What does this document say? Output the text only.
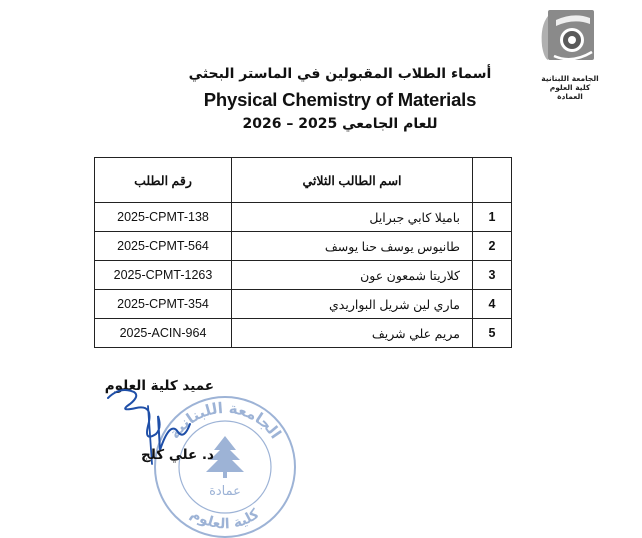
الجامعة اللبنانية
كلية العلوم
العمادة
أسماء الطلاب المقبولين في الماستر البحثي
Physical Chemistry of Materials
للعام الجامعي 2025 – 2026
رقم الطلب	اسم الطالب الثلاثي	
2025-CPMT-138	باميلا كابي جبرايل	1
2025-CPMT-564	طانيوس يوسف حنا يوسف	2
2025-CPMT-1263	كلاريتا شمعون عون	3
2025-CPMT-354	ماري لين شريل البواريدي	4
2025-ACIN-964	مريم علي شريف	5
الجامعة اللبنانية
عمادة
كلية العلوم
عميد كلية العلوم
د. علي كلج
